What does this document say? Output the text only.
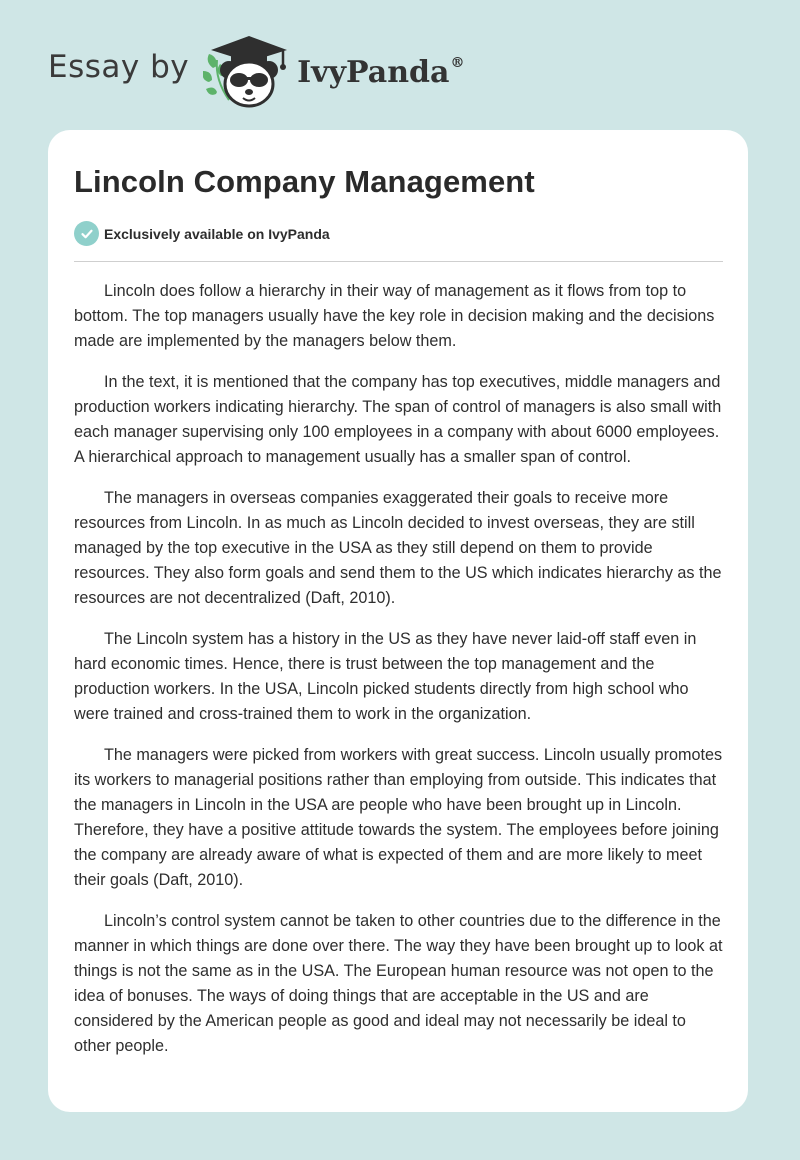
Essay by	IvyPanda®
Lincoln Company Management
Exclusively available on IvyPanda

Lincoln does follow a hierarchy in their way of management as it flows from top to bottom. The top managers usually have the key role in decision making and the decisions made are implemented by the managers below them.

In the text, it is mentioned that the company has top executives, middle managers and production workers indicating hierarchy. The span of control of managers is also small with each manager supervising only 100 employees in a company with about 6000 employees. A hierarchical approach to management usually has a smaller span of control.

The managers in overseas companies exaggerated their goals to receive more resources from Lincoln. In as much as Lincoln decided to invest overseas, they are still managed by the top executive in the USA as they still depend on them to provide resources. They also form goals and send them to the US which indicates hierarchy as the resources are not decentralized (Daft, 2010).

The Lincoln system has a history in the US as they have never laid-off staff even in hard economic times. Hence, there is trust between the top management and the production workers. In the USA, Lincoln picked students directly from high school who were trained and cross-trained them to work in the organization.

The managers were picked from workers with great success. Lincoln usually promotes its workers to managerial positions rather than employing from outside. This indicates that the managers in Lincoln in the USA are people who have been brought up in Lincoln. Therefore, they have a positive attitude towards the system. The employees before joining the company are already aware of what is expected of them and are more likely to meet their goals (Daft, 2010).

Lincoln’s control system cannot be taken to other countries due to the difference in the manner in which things are done over there. The way they have been brought up to look at things is not the same as in the USA. The European human resource was not open to the idea of bonuses. The ways of doing things that are acceptable in the US and are considered by the American people as good and ideal may not necessarily be ideal to other people.
